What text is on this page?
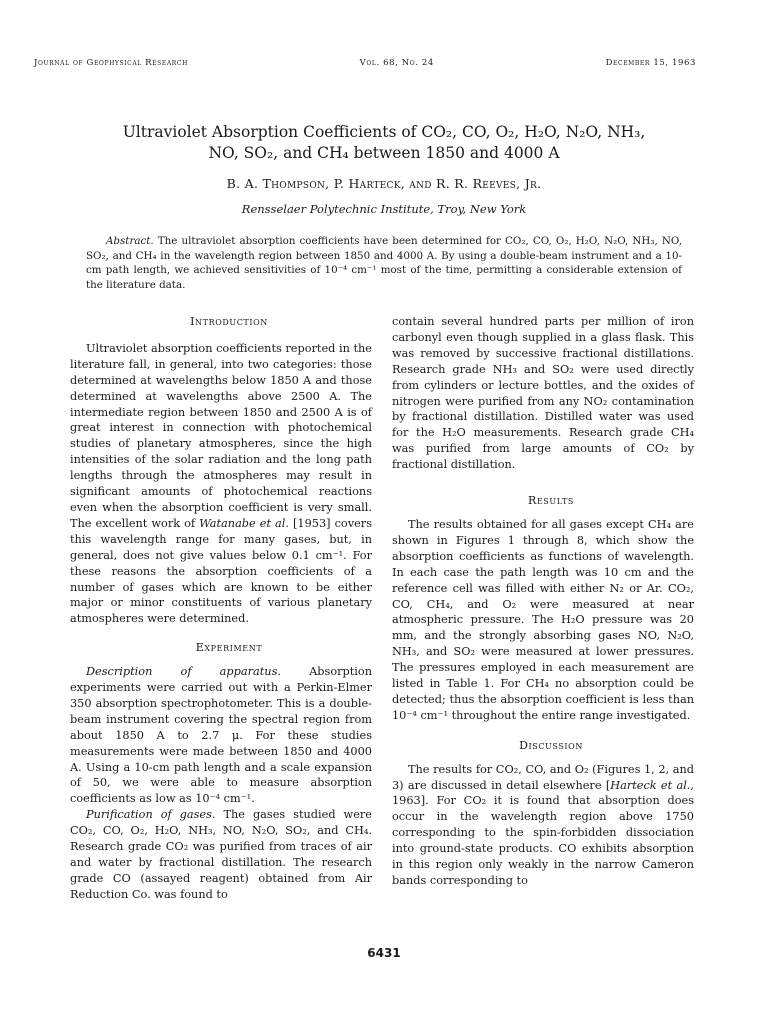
Journal of Geophysical Research	Vol. 68, No. 24	December 15, 1963
Ultraviolet Absorption Coefficients of CO₂, CO, O₂, H₂O, N₂O, NH₃,
NO, SO₂, and CH₄ between 1850 and 4000 A
B. A. Thompson, P. Harteck, and R. R. Reeves, Jr.
Rensselaer Polytechnic Institute, Troy, New York
Abstract. The ultraviolet absorption coefficients have been determined for CO₂, CO, O₂, H₂O, N₂O, NH₃, NO, SO₂, and CH₄ in the wavelength region between 1850 and 4000 A. By using a double-beam instrument and a 10-cm path length, we achieved sensitivities of 10⁻⁴ cm⁻¹ most of the time, permitting a considerable extension of the literature data.

Introduction

Ultraviolet absorption coefficients reported in the literature fall, in general, into two categories: those determined at wavelengths below 1850 A and those determined at wavelengths above 2500 A. The intermediate region between 1850 and 2500 A is of great interest in connection with photochemical studies of planetary atmospheres, since the high intensities of the solar radiation and the long path lengths through the atmospheres may result in significant amounts of photochemical reactions even when the absorption coefficient is very small. The excellent work of Watanabe et al. [1953] covers this wavelength range for many gases, but, in general, does not give values below 0.1 cm⁻¹. For these reasons the absorption coefficients of a number of gases which are known to be either major or minor constituents of various planetary atmospheres were determined.

Experiment

Description of apparatus. Absorption experiments were carried out with a Perkin-Elmer 350 absorption spectrophotometer. This is a double-beam instrument covering the spectral region from about 1850 A to 2.7 μ. For these studies measurements were made between 1850 and 4000 A. Using a 10-cm path length and a scale expansion of 50, we were able to measure absorption coefficients as low as 10⁻⁴ cm⁻¹.

Purification of gases. The gases studied were CO₂, CO, O₂, H₂O, NH₃, NO, N₂O, SO₂, and CH₄. Research grade CO₂ was purified from traces of air and water by fractional distillation. The research grade CO (assayed reagent) obtained from Air Reduction Co. was found to

contain several hundred parts per million of iron carbonyl even though supplied in a glass flask. This was removed by successive fractional distillations. Research grade NH₃ and SO₂ were used directly from cylinders or lecture bottles, and the oxides of nitrogen were purified from any NO₂ contamination by fractional distillation. Distilled water was used for the H₂O measurements. Research grade CH₄ was purified from large amounts of CO₂ by fractional distillation.

Results

The results obtained for all gases except CH₄ are shown in Figures 1 through 8, which show the absorption coefficients as functions of wavelength. In each case the path length was 10 cm and the reference cell was filled with either N₂ or Ar. CO₂, CO, CH₄, and O₂ were measured at near atmospheric pressure. The H₂O pressure was 20 mm, and the strongly absorbing gases NO, N₂O, NH₃, and SO₂ were measured at lower pressures. The pressures employed in each measurement are listed in Table 1. For CH₄ no absorption could be detected; thus the absorption coefficient is less than 10⁻⁴ cm⁻¹ throughout the entire range investigated.

Discussion

The results for CO₂, CO, and O₂ (Figures 1, 2, and 3) are discussed in detail elsewhere [Harteck et al., 1963]. For CO₂ it is found that absorption does occur in the wavelength region above 1750 corresponding to the spin-forbidden dissociation into ground-state products. CO exhibits absorption in this region only weakly in the narrow Cameron bands corresponding to

6431
